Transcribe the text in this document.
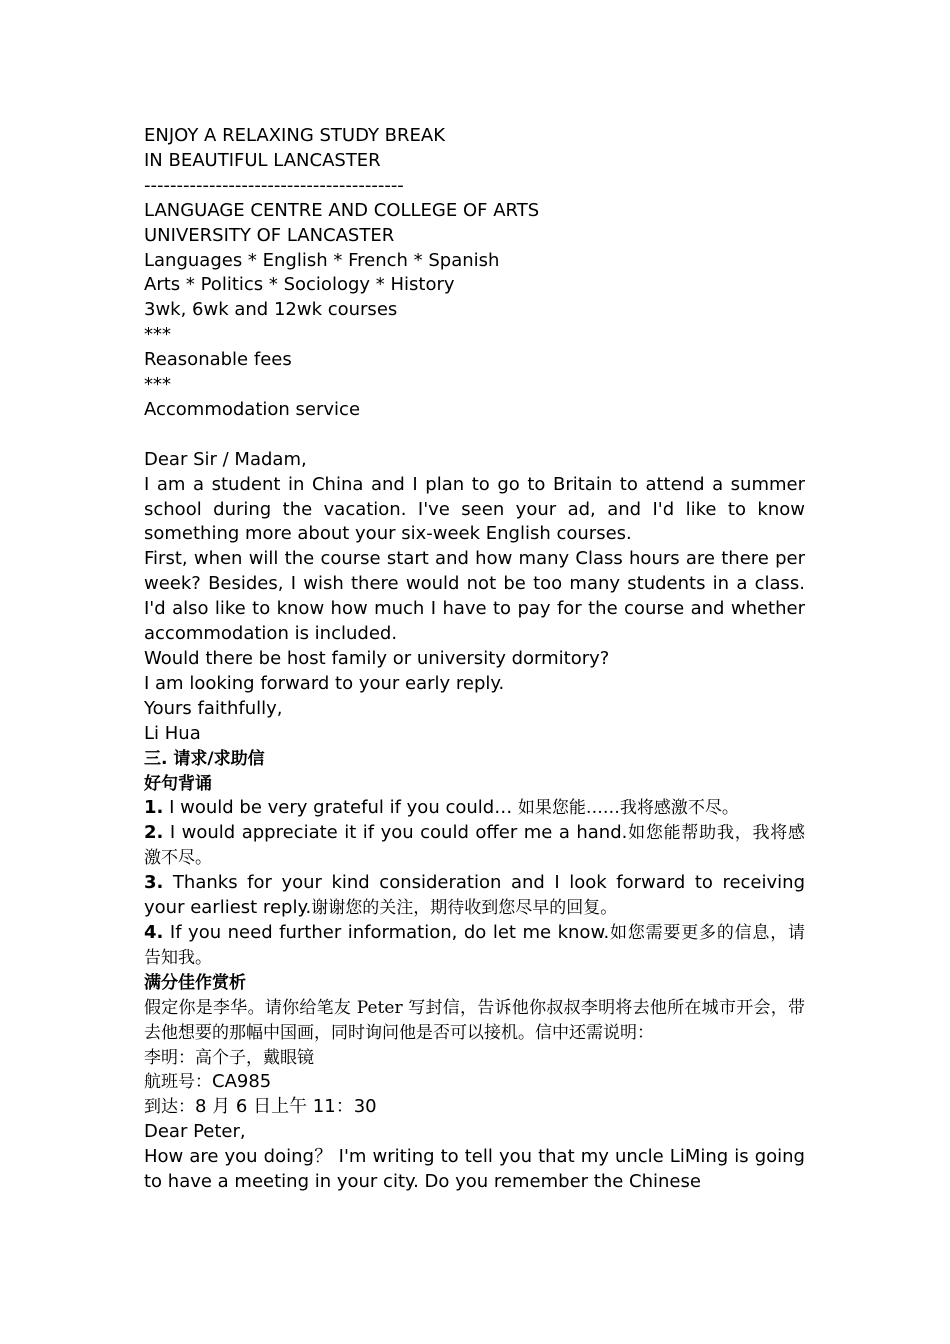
ENJOY A RELAXING STUDY BREAK
IN BEAUTIFUL LANCASTER
----------------------------------------
LANGUAGE CENTRE AND COLLEGE OF ARTS
UNIVERSITY OF LANCASTER
Languages * English * French * Spanish
Arts * Politics * Sociology * History
3wk, 6wk and 12wk courses
***
Reasonable fees
***
Accommodation service
Dear Sir / Madam,
I am a student in China and I plan to go to Britain to attend a summer school during the vacation. I've seen your ad, and I'd like to know something more about your six-week English courses.
First, when will the course start and how many Class hours are there per week? Besides, I wish there would not be too many students in a class. I'd also like to know how much I have to pay for the course and whether accommodation is included.
Would there be host family or university dormitory?
I am looking forward to your early reply.
Yours faithfully,
Li Hua
三. 请求/求助信
好句背诵
1. I would be very grateful if you could… 如果您能……我将感激不尽。
2. I would appreciate it if you could offer me a hand.如您能帮助我，我将感激不尽。
3. Thanks for your kind consideration and I look forward to receiving your earliest reply.谢谢您的关注，期待收到您尽早的回复。
4. If you need further information, do let me know.如您需要更多的信息，请告知我。
满分佳作赏析
假定你是李华。请你给笔友 Peter 写封信，告诉他你叔叔李明将去他所在城市开会，带去他想要的那幅中国画，同时询问他是否可以接机。信中还需说明：
李明：高个子，戴眼镜
航班号：CA985
到达：8 月 6 日上午 11：30
Dear Peter,
How are you doing？ I'm writing to tell you that my uncle LiMing is going to have a meeting in your city. Do you remember the Chinese
